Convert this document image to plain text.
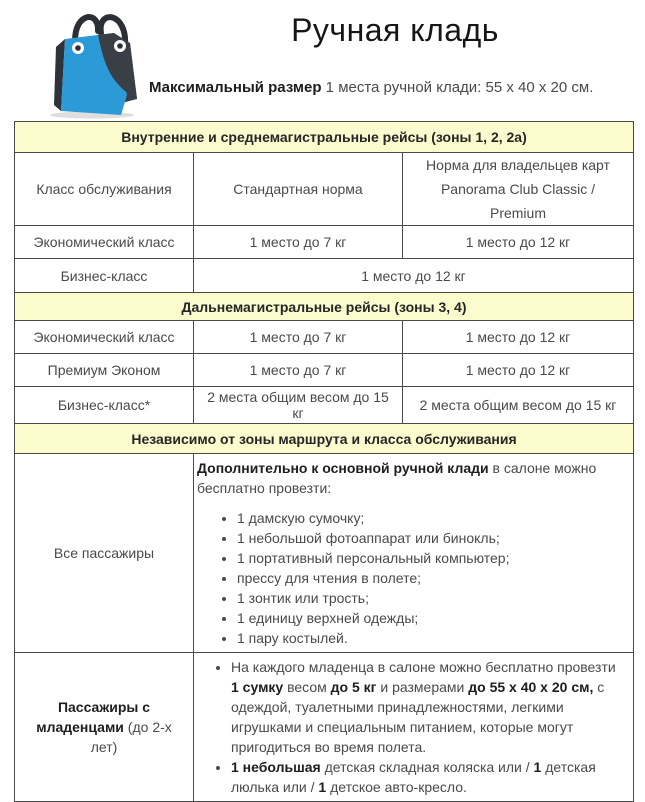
Ручная кладь

Максимальный размер 1 места ручной клади: 55 x 40 x 20 см.

Внутренние и среднемагистральные рейсы (зоны 1, 2, 2а)		
Класс обслуживания	Стандартная норма	Норма для владельцев карт Panorama Club Classic / Premium
Экономический класс	1 место до 7 кг	1 место до 12 кг
Бизнес-класс	1 место до 12 кг	
Дальнемагистральные рейсы (зоны 3, 4)		
Экономический класс	1 место до 7 кг	1 место до 12 кг
Премиум Эконом	1 место до 7 кг	1 место до 12 кг
Бизнес-класс*	2 места общим весом до 15 кг	2 места общим весом до 15 кг
Независимо от зоны маршрута и класса обслуживания		
Все пассажиры	

Дополнительно к основной ручной клади в салоне можно бесплатно провезти:

• 1 дамскую сумочку;
• 1 небольшой фотоаппарат или бинокль;
• 1 портативный персональный компьютер;
• прессу для чтения в полете;
• 1 зонтик или трость;
• 1 единицу верхней одежды;
• 1 пару костылей.

Пассажиры с младенцами (до 2-х лет)	
• На каждого младенца в салоне можно бесплатно провезти 1 сумку весом до 5 кг и размерами до 55 x 40 x 20 см, с одеждой, туалетными принадлежностями, легкими игрушками и специальным питанием, которые могут пригодиться во время полета.
• 1 небольшая детская складная коляска или / 1 детская люлька или / 1 детское авто-кресло.
